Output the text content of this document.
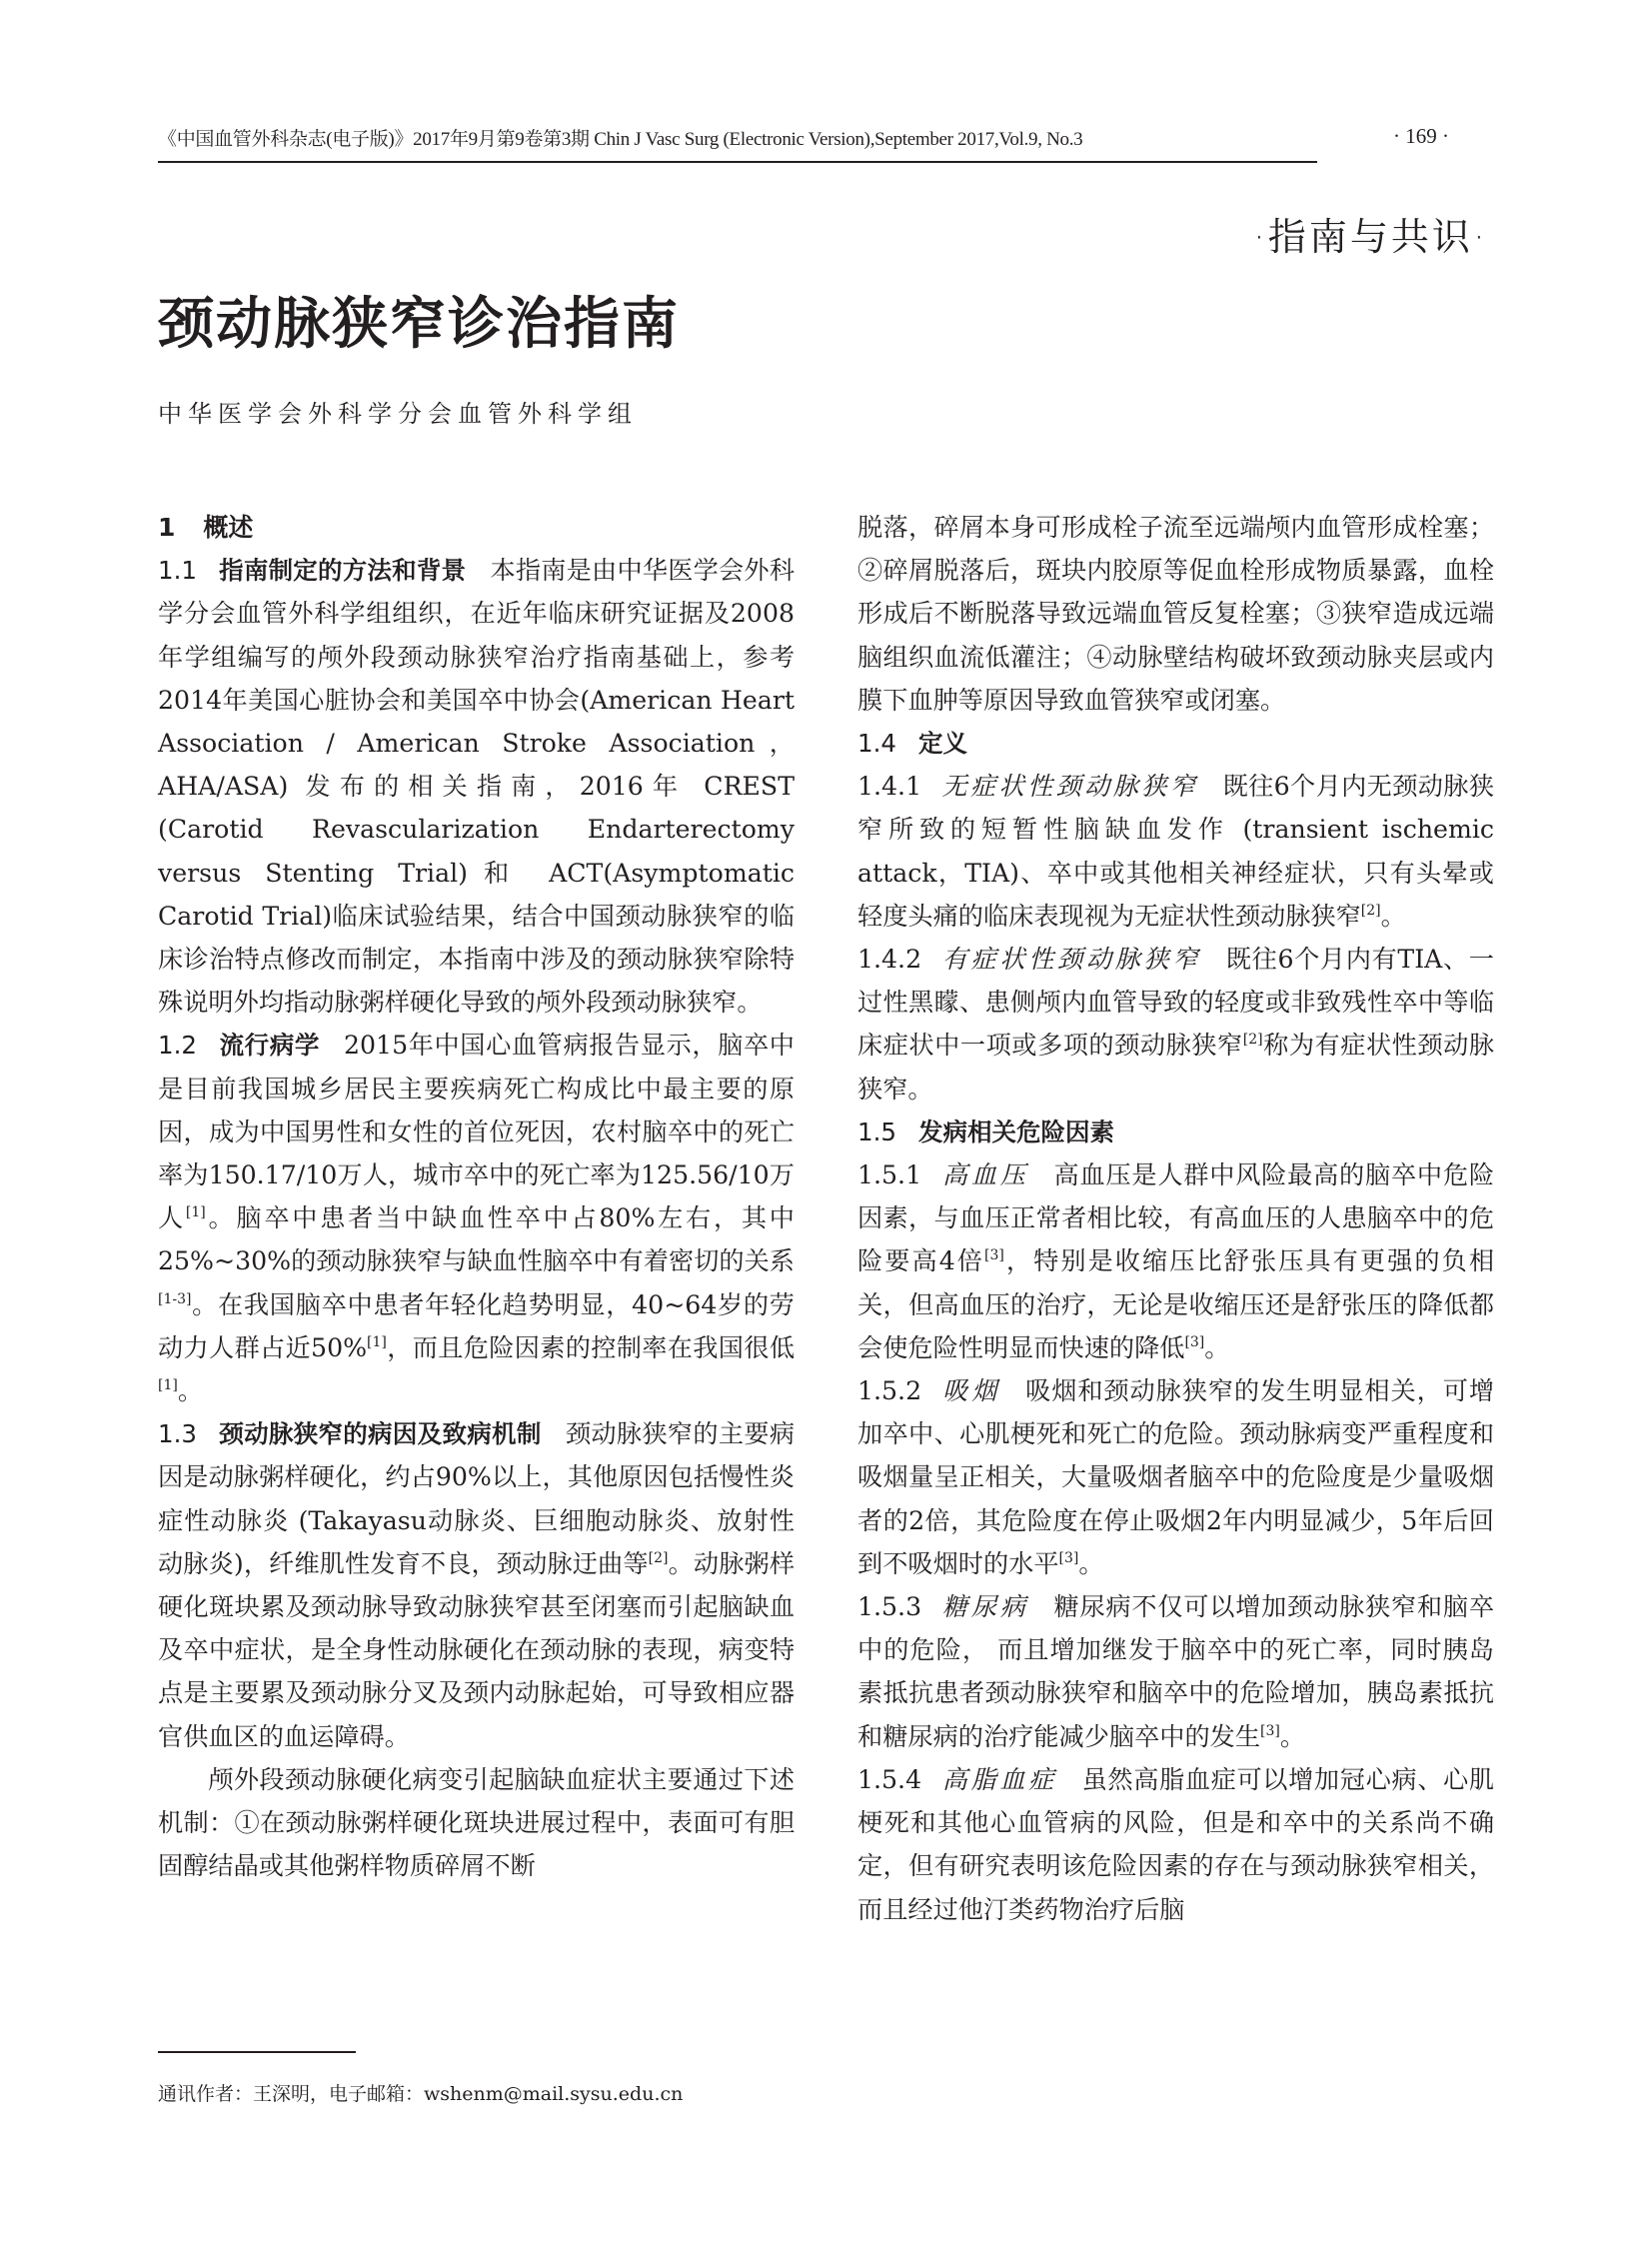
《中国血管外科杂志(电子版)》2017年9月第9卷第3期 Chin J Vasc Surg (Electronic Version),September 2017,Vol.9, No.3	· 169 ·
·指南与共识·
颈动脉狭窄诊治指南
中华医学会外科学分会血管外科学组

1 概述

1.1 指南制定的方法和背景 本指南是由中华医学会外科学分会血管外科学组组织，在近年临床研究证据及2008年学组编写的颅外段颈动脉狭窄治疗指南基础上，参考2014年美国心脏协会和美国卒中协会(American Heart Association / American Stroke Association，AHA/ASA) 发布的相关指南，2016年 CREST (Carotid Revascularization Endarterectomy versus Stenting Trial)和 ACT(Asymptomatic Carotid Trial)临床试验结果，结合中国颈动脉狭窄的临床诊治特点修改而制定，本指南中涉及的颈动脉狭窄除特殊说明外均指动脉粥样硬化导致的颅外段颈动脉狭窄。

1.2 流行病学 2015年中国心血管病报告显示，脑卒中是目前我国城乡居民主要疾病死亡构成比中最主要的原因，成为中国男性和女性的首位死因，农村脑卒中的死亡率为150.17/10万人，城市卒中的死亡率为125.56/10万人[1]。脑卒中患者当中缺血性卒中占80%左右，其中25%~30%的颈动脉狭窄与缺血性脑卒中有着密切的关系[1-3]。在我国脑卒中患者年轻化趋势明显，40~64岁的劳动力人群占近50%[1]，而且危险因素的控制率在我国很低[1]。

1.3 颈动脉狭窄的病因及致病机制 颈动脉狭窄的主要病因是动脉粥样硬化，约占90%以上，其他原因包括慢性炎症性动脉炎 (Takayasu动脉炎、巨细胞动脉炎、放射性动脉炎)，纤维肌性发育不良，颈动脉迂曲等[2]。动脉粥样硬化斑块累及颈动脉导致动脉狭窄甚至闭塞而引起脑缺血及卒中症状，是全身性动脉硬化在颈动脉的表现，病变特点是主要累及颈动脉分叉及颈内动脉起始，可导致相应器官供血区的血运障碍。

颅外段颈动脉硬化病变引起脑缺血症状主要通过下述机制：①在颈动脉粥样硬化斑块进展过程中，表面可有胆固醇结晶或其他粥样物质碎屑不断

通讯作者：王深明，电子邮箱：wshenm@mail.sysu.edu.cn

脱落，碎屑本身可形成栓子流至远端颅内血管形成栓塞；②碎屑脱落后，斑块内胶原等促血栓形成物质暴露，血栓形成后不断脱落导致远端血管反复栓塞；③狭窄造成远端脑组织血流低灌注；④动脉壁结构破坏致颈动脉夹层或内膜下血肿等原因导致血管狭窄或闭塞。

1.4 定义

1.4.1 无症状性颈动脉狭窄 既往6个月内无颈动脉狭窄所致的短暂性脑缺血发作 (transient ischemic attack，TIA)、卒中或其他相关神经症状，只有头晕或轻度头痛的临床表现视为无症状性颈动脉狭窄[2]。

1.4.2 有症状性颈动脉狭窄 既往6个月内有TIA、一过性黑矇、患侧颅内血管导致的轻度或非致残性卒中等临床症状中一项或多项的颈动脉狭窄[2]称为有症状性颈动脉狭窄。

1.5 发病相关危险因素

1.5.1 高血压 高血压是人群中风险最高的脑卒中危险因素，与血压正常者相比较，有高血压的人患脑卒中的危险要高4倍[3]，特别是收缩压比舒张压具有更强的负相关，但高血压的治疗，无论是收缩压还是舒张压的降低都会使危险性明显而快速的降低[3]。

1.5.2 吸烟 吸烟和颈动脉狭窄的发生明显相关，可增加卒中、心肌梗死和死亡的危险。颈动脉病变严重程度和吸烟量呈正相关，大量吸烟者脑卒中的危险度是少量吸烟者的2倍，其危险度在停止吸烟2年内明显减少，5年后回到不吸烟时的水平[3]。

1.5.3 糖尿病 糖尿病不仅可以增加颈动脉狭窄和脑卒中的危险， 而且增加继发于脑卒中的死亡率，同时胰岛素抵抗患者颈动脉狭窄和脑卒中的危险增加，胰岛素抵抗和糖尿病的治疗能减少脑卒中的发生[3]。

1.5.4 高脂血症 虽然高脂血症可以增加冠心病、心肌梗死和其他心血管病的风险，但是和卒中的关系尚不确定，但有研究表明该危险因素的存在与颈动脉狭窄相关，而且经过他汀类药物治疗后脑
